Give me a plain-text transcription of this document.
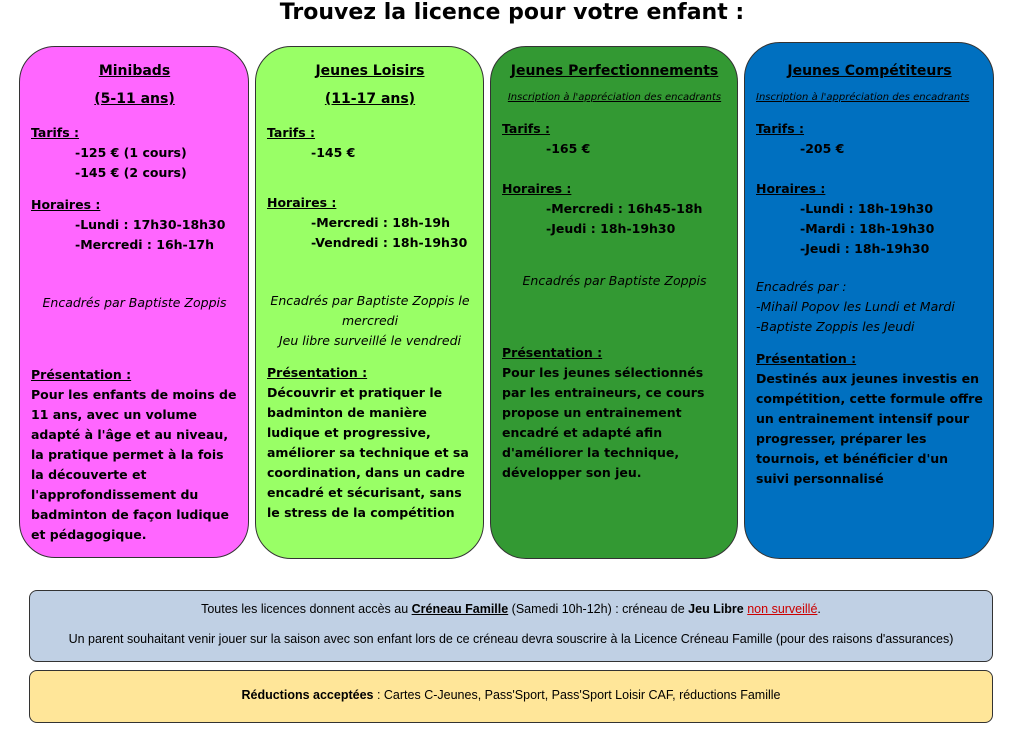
Trouvez la licence pour votre enfant :
Minibads
(5-11 ans)
Tarifs :
-125 € (1 cours)
-145 € (2 cours)
Horaires :
-Lundi : 17h30-18h30
-Mercredi : 16h-17h
Encadrés par Baptiste Zoppis
Présentation :
Pour les enfants de moins de 11 ans, avec un volume adapté à l'âge et au niveau, la pratique permet à la fois la découverte et l'approfondissement du badminton de façon ludique et pédagogique.
Jeunes Loisirs
(11-17 ans)
Tarifs :
-145 €
Horaires :
-Mercredi : 18h-19h
-Vendredi : 18h-19h30
Encadrés par Baptiste Zoppis le mercredi
Jeu libre surveillé le vendredi
Présentation :
Découvrir et pratiquer le badminton de manière ludique et progressive, améliorer sa technique et sa coordination, dans un cadre encadré et sécurisant, sans le stress de la compétition
Jeunes Perfectionnements
Inscription à l'appréciation des encadrants
Tarifs :
-165 €
Horaires :
-Mercredi : 16h45-18h
-Jeudi : 18h-19h30
Encadrés par Baptiste Zoppis
Présentation :
Pour les jeunes sélectionnés par les entraineurs, ce cours propose un entrainement encadré et adapté afin d'améliorer la technique, développer son jeu.
Jeunes Compétiteurs
Inscription à l'appréciation des encadrants
Tarifs :
-205 €
Horaires :
-Lundi : 18h-19h30
-Mardi : 18h-19h30
-Jeudi : 18h-19h30
Encadrés par :
-Mihail Popov les Lundi et Mardi
-Baptiste Zoppis les Jeudi
Présentation :
Destinés aux jeunes investis en compétition, cette formule offre un entrainement intensif pour progresser, préparer les tournois, et bénéficier d'un suivi personnalisé
Toutes les licences donnent accès au Créneau Famille (Samedi 10h-12h) : créneau de Jeu Libre non surveillé.
Un parent souhaitant venir jouer sur la saison avec son enfant lors de ce créneau devra souscrire à la Licence Créneau Famille (pour des raisons d'assurances)
Réductions acceptées : Cartes C-Jeunes, Pass'Sport, Pass'Sport Loisir CAF, réductions Famille
